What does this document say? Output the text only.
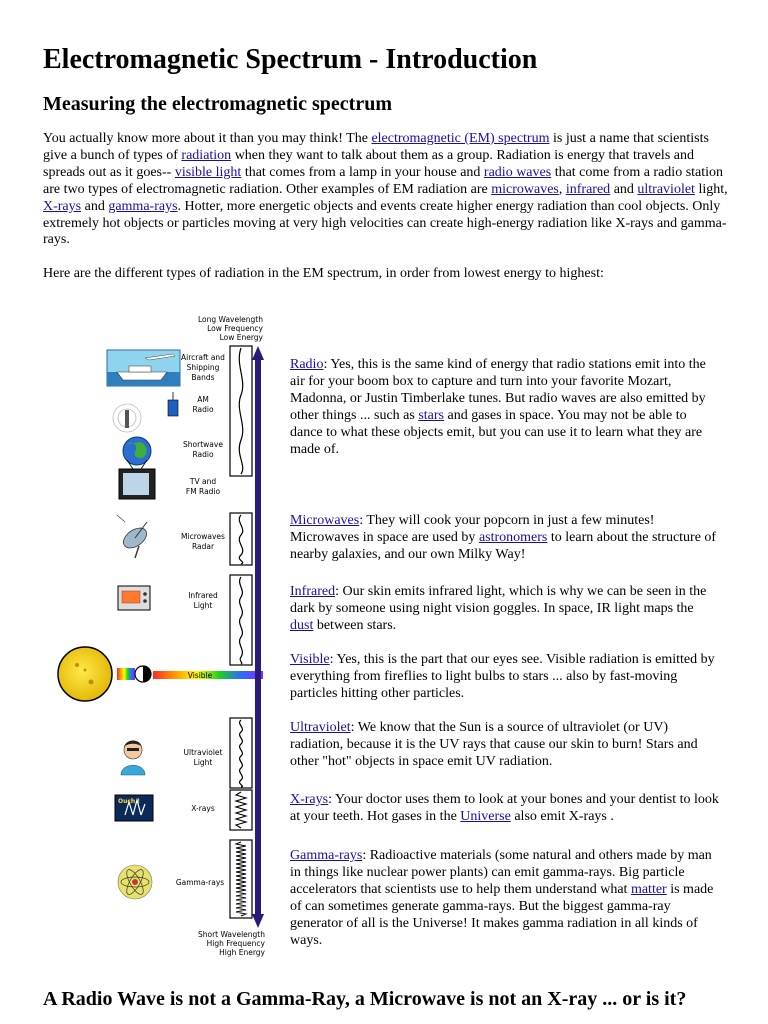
Electromagnetic Spectrum - Introduction
Measuring the electromagnetic spectrum

You actually know more about it than you may think! The electromagnetic (EM) spectrum is just a name that scientists give a bunch of types of radiation when they want to talk about them as a group. Radiation is energy that travels and spreads out as it goes-- visible light that comes from a lamp in your house and radio waves that come from a radio station are two types of electromagnetic radiation. Other examples of EM radiation are microwaves, infrared and ultraviolet light, X-rays and gamma-rays. Hotter, more energetic objects and events create higher energy radiation than cool objects. Only extremely hot objects or particles moving at very high velocities can create high-energy radiation like X-rays and gamma-rays.

Here are the different types of radiation in the EM spectrum, in order from lowest energy to highest:

Radio: Yes, this is the same kind of energy that radio stations emit into the air for your boom box to capture and turn into your favorite Mozart, Madonna, or Justin Timberlake tunes. But radio waves are also emitted by other things ... such as stars and gases in space. You may not be able to dance to what these objects emit, but you can use it to learn what they are made of.

Microwaves: They will cook your popcorn in just a few minutes! Microwaves in space are used by astronomers to learn about the structure of nearby galaxies, and our own Milky Way!

Infrared: Our skin emits infrared light, which is why we can be seen in the dark by someone using night vision goggles. In space, IR light maps the dust between stars.

Visible: Yes, this is the part that our eyes see. Visible radiation is emitted by everything from fireflies to light bulbs to stars ... also by fast-moving particles hitting other particles.

Ultraviolet: We know that the Sun is a source of ultraviolet (or UV) radiation, because it is the UV rays that cause our skin to burn! Stars and other "hot" objects in space emit UV radiation.

X-rays: Your doctor uses them to look at your bones and your dentist to look at your teeth. Hot gases in the Universe also emit X-rays .

Gamma-rays: Radioactive materials (some natural and others made by man in things like nuclear power plants) can emit gamma-rays. Big particle accelerators that scientists use to help them understand what matter is made of can sometimes generate gamma-rays. But the biggest gamma-ray generator of all is the Universe! It makes gamma radiation in all kinds of ways.

A Radio Wave is not a Gamma-Ray, a Microwave is not an X-ray ... or is it?
Long Wavelength
Low Frequency
Low Energy
Visible
Aircraft and
Shipping
Bands
AM
Radio
Shortwave
Radio
TV and
FM Radio
Microwaves
Radar
Infrared
Light
Ultraviolet
Light
X-rays
Gamma-rays
Short Wavelength
High Frequency
High Energy
Ouch !
